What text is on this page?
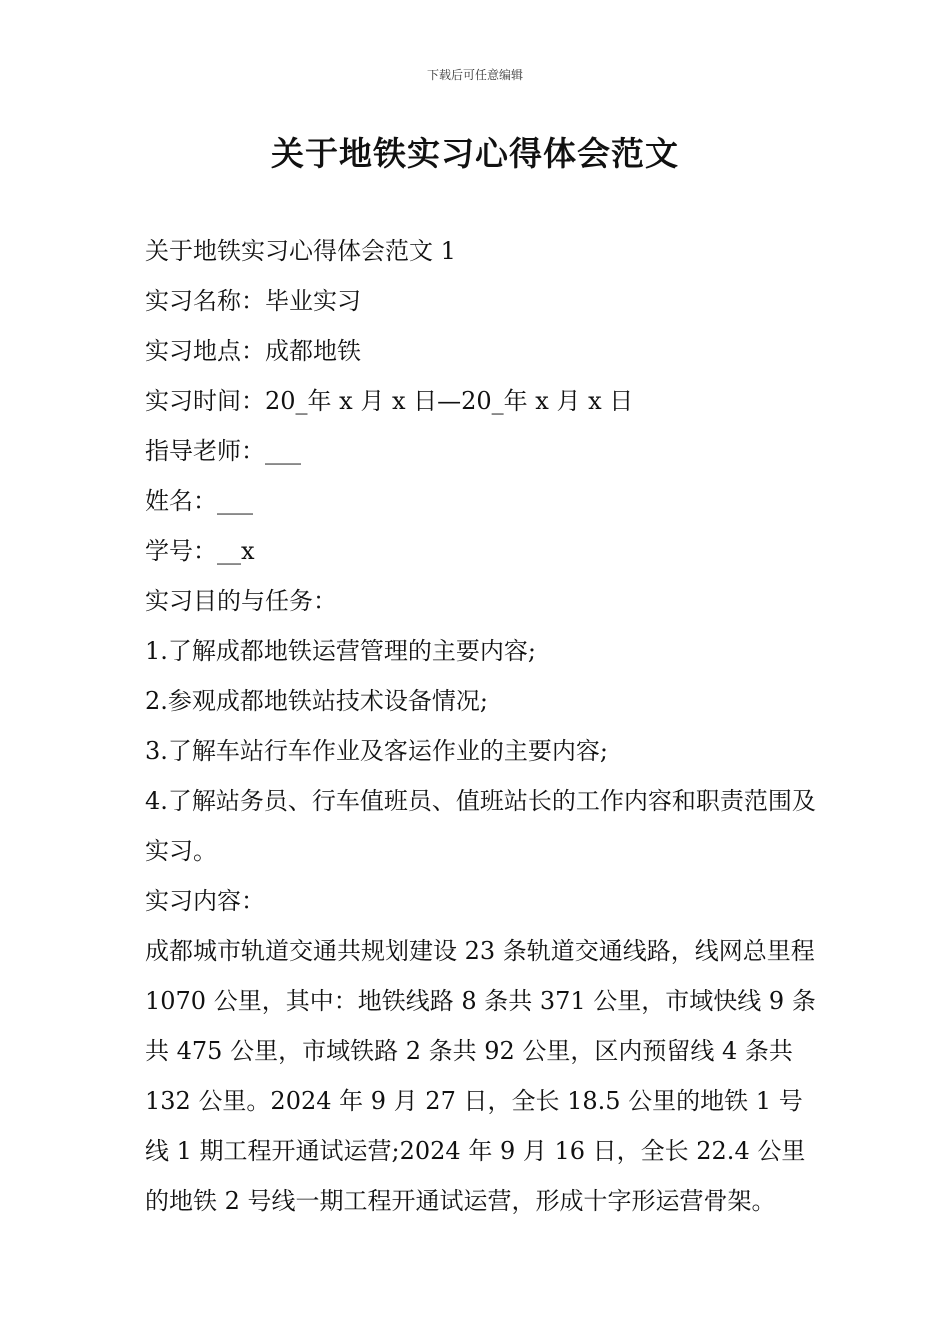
下载后可任意编辑
关于地铁实习心得体会范文

关于地铁实习心得体会范文 1

实习名称：毕业实习

实习地点：成都地铁

实习时间：20_年 x 月 x 日—20_年 x 月 x 日

指导老师：___

姓名：___

学号：__x

实习目的与任务：

1.了解成都地铁运营管理的主要内容;

2.参观成都地铁站技术设备情况;

3.了解车站行车作业及客运作业的主要内容;

4.了解站务员、行车值班员、值班站长的工作内容和职责范围及实习。

实习内容：

成都城市轨道交通共规划建设 23 条轨道交通线路，线网总里程 1070 公里，其中：地铁线路 8 条共 371 公里，市域快线 9 条共 475 公里，市域铁路 2 条共 92 公里，区内预留线 4 条共 132 公里。2024 年 9 月 27 日，全长 18.5 公里的地铁 1 号线 1 期工程开通试运营;2024 年 9 月 16 日，全长 22.4 公里的地铁 2 号线一期工程开通试运营，形成十字形运营骨架。
